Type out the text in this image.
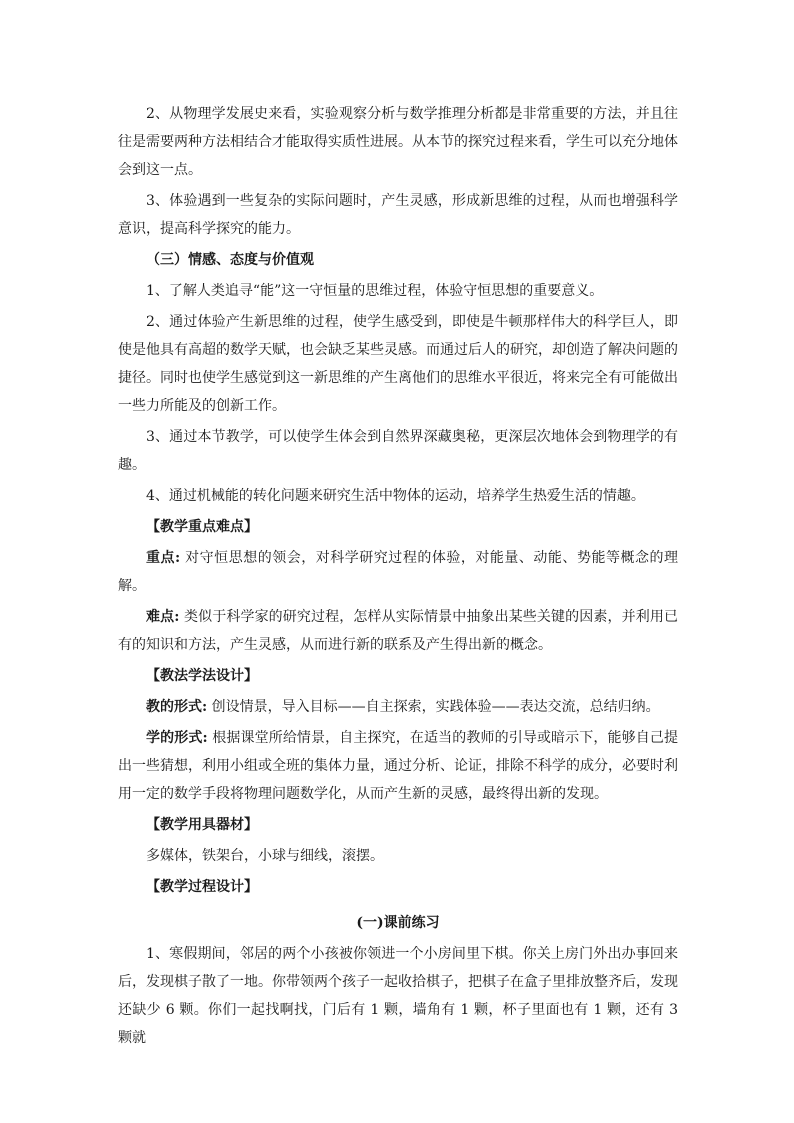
2、从物理学发展史来看，实验观察分析与数学推理分析都是非常重要的方法，并且往往是需要两种方法相结合才能取得实质性进展。从本节的探究过程来看，学生可以充分地体会到这一点。

3、体验遇到一些复杂的实际问题时，产生灵感，形成新思维的过程，从而也增强科学意识，提高科学探究的能力。

（三）情感、态度与价值观

1、了解人类追寻“能”这一守恒量的思维过程，体验守恒思想的重要意义。

2、通过体验产生新思维的过程，使学生感受到，即使是牛顿那样伟大的科学巨人，即使是他具有高超的数学天赋，也会缺乏某些灵感。而通过后人的研究，却创造了解决问题的捷径。同时也使学生感觉到这一新思维的产生离他们的思维水平很近，将来完全有可能做出一些力所能及的创新工作。

3、通过本节教学，可以使学生体会到自然界深藏奥秘，更深层次地体会到物理学的有趣。

4、通过机械能的转化问题来研究生活中物体的运动，培养学生热爱生活的情趣。

【教学重点难点】

重点: 对守恒思想的领会，对科学研究过程的体验，对能量、动能、势能等概念的理解。

难点: 类似于科学家的研究过程，怎样从实际情景中抽象出某些关键的因素，并利用已有的知识和方法，产生灵感，从而进行新的联系及产生得出新的概念。

【教法学法设计】

教的形式: 创设情景，导入目标——自主探索，实践体验——表达交流，总结归纳。

学的形式: 根据课堂所给情景，自主探究，在适当的教师的引导或暗示下，能够自己提出一些猜想，利用小组或全班的集体力量，通过分析、论证，排除不科学的成分，必要时利用一定的数学手段将物理问题数学化，从而产生新的灵感，最终得出新的发现。

【教学用具器材】

多媒体，铁架台，小球与细线，滚摆。

【教学过程设计】

(一)课前练习

1、寒假期间，邻居的两个小孩被你领进一个小房间里下棋。你关上房门外出办事回来后，发现棋子散了一地。你带领两个孩子一起收拾棋子，把棋子在盒子里排放整齐后，发现还缺少 6 颗。你们一起找啊找，门后有 1 颗，墙角有 1 颗，杯子里面也有 1 颗，还有 3 颗就
